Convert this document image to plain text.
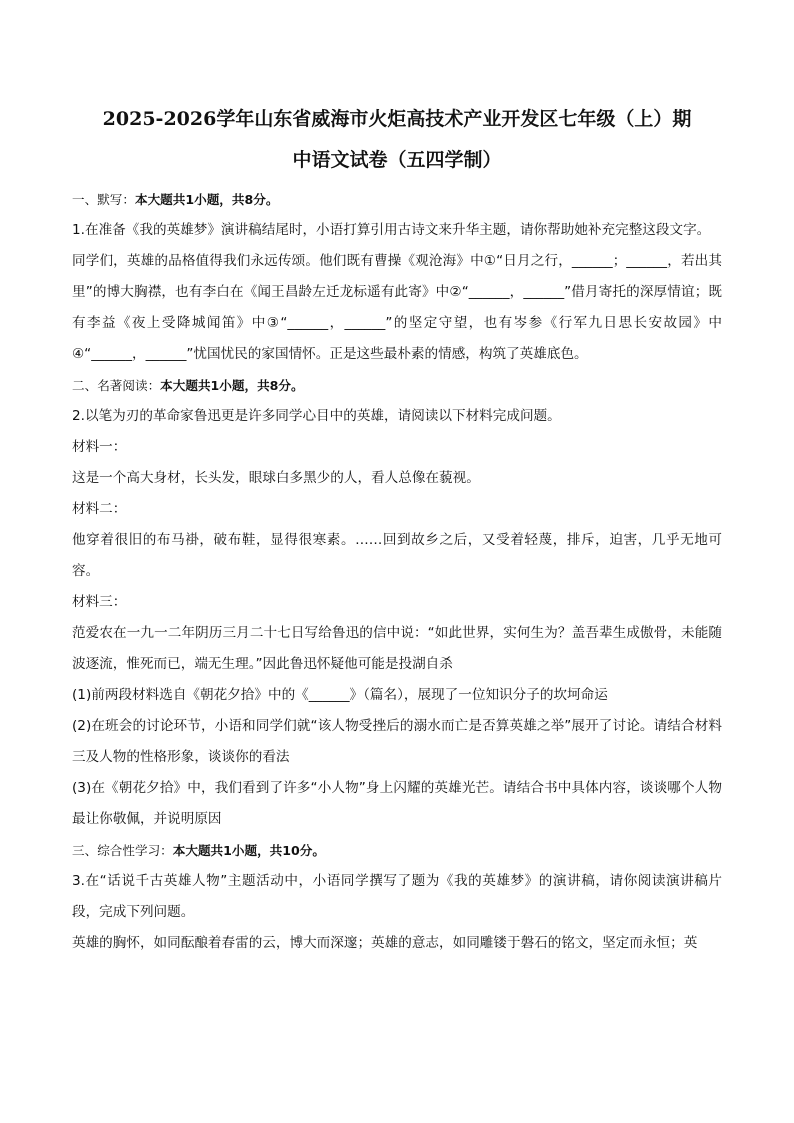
2025-2026学年山东省威海市火炬高技术产业开发区七年级（上）期
中语文试卷（五四学制）

一、默写：本大题共1小题，共8分。

1.在准备《我的英雄梦》演讲稿结尾时，小语打算引用古诗文来升华主题，请你帮助她补充完整这段文字。

同学们，英雄的品格值得我们永远传颂。他们既有曹操《观沧海》中①“日月之行，______；______，若出其里”的博大胸襟，也有李白在《闻王昌龄左迁龙标遥有此寄》中②“______，______”借月寄托的深厚情谊；既有李益《夜上受降城闻笛》中③“______，______”的坚定守望，也有岑参《行军九日思长安故园》中④“______，______”忧国忧民的家国情怀。正是这些最朴素的情感，构筑了英雄底色。

二、名著阅读：本大题共1小题，共8分。

2.以笔为刃的革命家鲁迅更是许多同学心目中的英雄，请阅读以下材料完成问题。

材料一：

这是一个高大身材，长头发，眼球白多黑少的人，看人总像在藐视。

材料二：

他穿着很旧的布马褂，破布鞋，显得很寒素。……回到故乡之后，又受着轻蔑，排斥，迫害，几乎无地可容。

材料三：

范爱农在一九一二年阴历三月二十七日写给鲁迅的信中说：“如此世界，实何生为？盖吾辈生成傲骨，未能随波逐流，惟死而已，端无生理。”因此鲁迅怀疑他可能是投湖自杀

(1)前两段材料选自《朝花夕拾》中的《______》（篇名），展现了一位知识分子的坎坷命运

(2)在班会的讨论环节，小语和同学们就“该人物受挫后的溺水而亡是否算英雄之举”展开了讨论。请结合材料三及人物的性格形象，谈谈你的看法

(3)在《朝花夕拾》中，我们看到了许多“小人物”身上闪耀的英雄光芒。请结合书中具体内容，谈谈哪个人物最让你敬佩，并说明原因

三、综合性学习：本大题共1小题，共10分。

3.在“话说千古英雄人物”主题活动中，小语同学撰写了题为《我的英雄梦》的演讲稿，请你阅读演讲稿片段，完成下列问题。

英雄的胸怀，如同酝酿着春雷的云，博大而深邃；英雄的意志，如同雕镂于磐石的铭文，坚定而永恒；英
